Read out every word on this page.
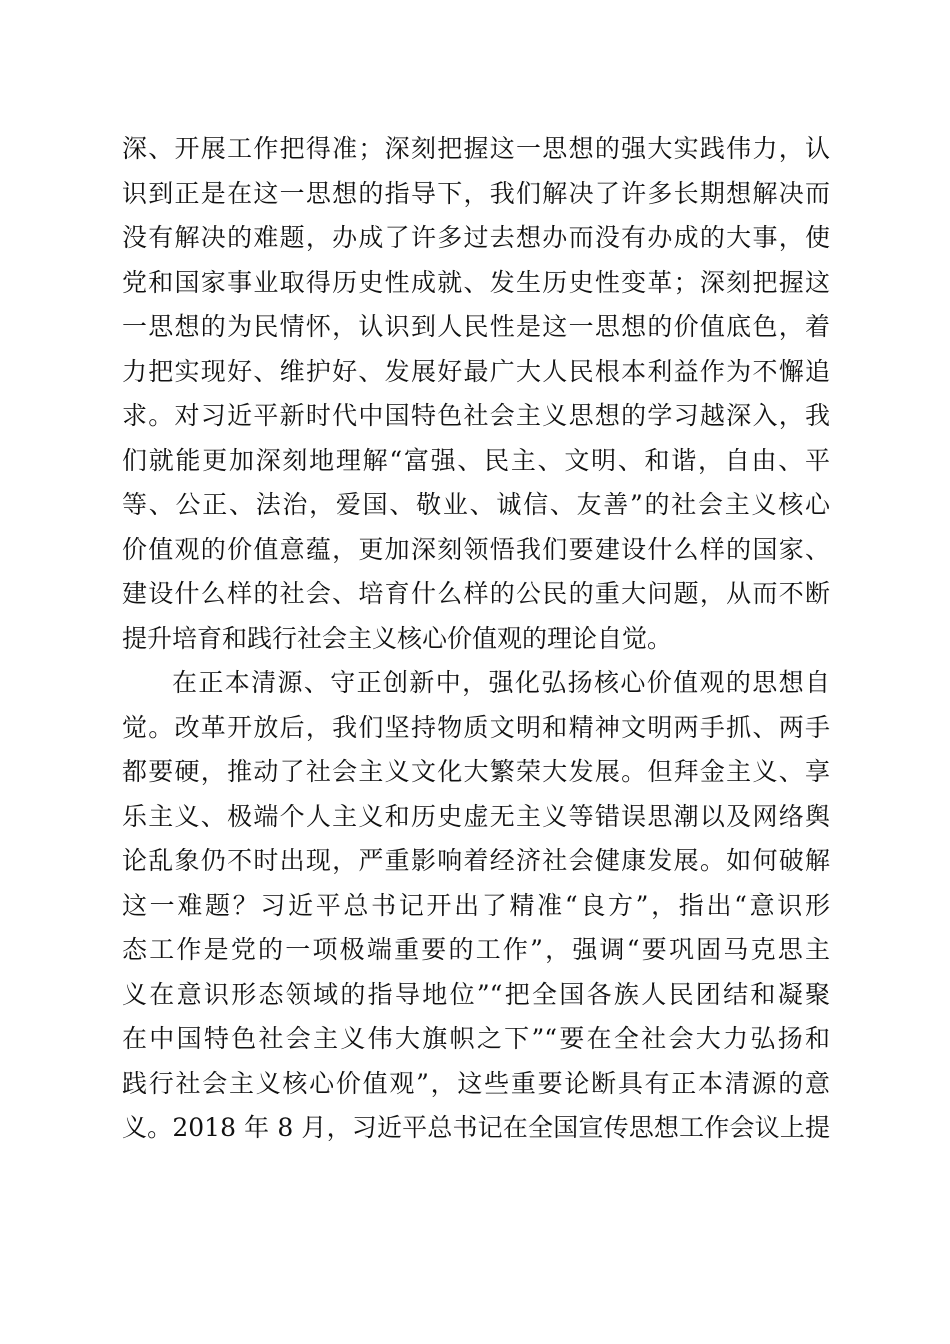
深、开展工作把得准；深刻把握这一思想的强大实践伟力，认
识到正是在这一思想的指导下，我们解决了许多长期想解决而
没有解决的难题，办成了许多过去想办而没有办成的大事，使
党和国家事业取得历史性成就、发生历史性变革；深刻把握这
一思想的为民情怀，认识到人民性是这一思想的价值底色，着
力把实现好、维护好、发展好最广大人民根本利益作为不懈追
求。对习近平新时代中国特色社会主义思想的学习越深入，我
们就能更加深刻地理解“富强、民主、文明、和谐，自由、平
等、公正、法治，爱国、敬业、诚信、友善”的社会主义核心
价值观的价值意蕴，更加深刻领悟我们要建设什么样的国家、
建设什么样的社会、培育什么样的公民的重大问题，从而不断
提升培育和践行社会主义核心价值观的理论自觉。
在正本清源、守正创新中，强化弘扬核心价值观的思想自
觉。改革开放后，我们坚持物质文明和精神文明两手抓、两手
都要硬，推动了社会主义文化大繁荣大发展。但拜金主义、享
乐主义、极端个人主义和历史虚无主义等错误思潮以及网络舆
论乱象仍不时出现，严重影响着经济社会健康发展。如何破解
这一难题？习近平总书记开出了精准“良方”，指出“意识形
态工作是党的一项极端重要的工作”，强调“要巩固马克思主
义在意识形态领域的指导地位”“把全国各族人民团结和凝聚
在中国特色社会主义伟大旗帜之下”“要在全社会大力弘扬和
践行社会主义核心价值观”，这些重要论断具有正本清源的意
义。2018 年 8 月，习近平总书记在全国宣传思想工作会议上提
